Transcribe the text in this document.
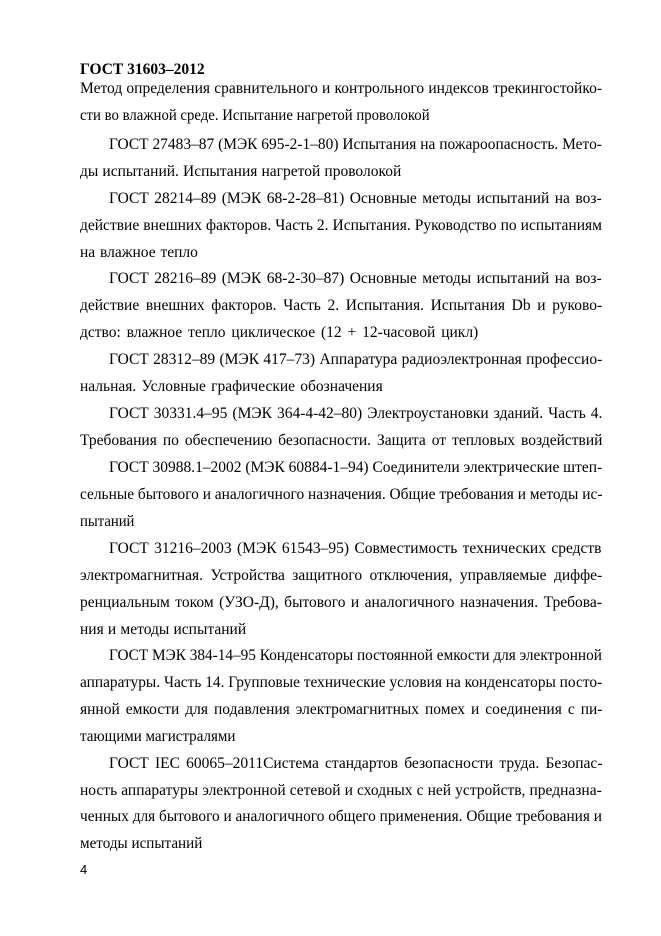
ГОСТ 31603–2012
Метод определения сравнительного и контрольного индексов трекингостойко-
сти во влажной среде. Испытание нагретой проволокой
ГОСТ 27483–87 (МЭК 695-2-1–80) Испытания на пожароопасность. Мето-
ды испытаний. Испытания нагретой проволокой
ГОСТ 28214–89 (МЭК 68-2-28–81) Основные методы испытаний на воз-
действие внешних факторов. Часть 2. Испытания. Руководство по испытаниям
на влажное тепло
ГОСТ 28216–89 (МЭК 68-2-30–87) Основные методы испытаний на воз-
действие внешних факторов. Часть 2. Испытания. Испытания Db и руково-
дство: влажное тепло циклическое (12 + 12-часовой цикл)
ГОСТ 28312–89 (МЭК 417–73) Аппаратура радиоэлектронная профессио-
нальная. Условные графические обозначения
ГОСТ 30331.4–95 (МЭК 364-4-42–80) Электроустановки зданий. Часть 4.
Требования по обеспечению безопасности. Защита от тепловых воздействий
ГОСТ 30988.1–2002 (МЭК 60884-1–94) Соединители электрические штеп-
сельные бытового и аналогичного назначения. Общие требования и методы ис-
пытаний
ГОСТ 31216–2003 (МЭК 61543–95) Совместимость технических средств
электромагнитная. Устройства защитного отключения, управляемые диффе-
ренциальным током (УЗО-Д), бытового и аналогичного назначения. Требова-
ния и методы испытаний
ГОСТ МЭК 384-14–95 Конденсаторы постоянной емкости для электронной
аппаратуры. Часть 14. Групповые технические условия на конденсаторы посто-
янной емкости для подавления электромагнитных помех и соединения с пи-
тающими магистралями
ГОСТ IEC 60065–2011Система стандартов безопасности труда. Безопас-
ность аппаратуры электронной сетевой и сходных с ней устройств, предназна-
ченных для бытового и аналогичного общего применения. Общие требования и
методы испытаний
4
